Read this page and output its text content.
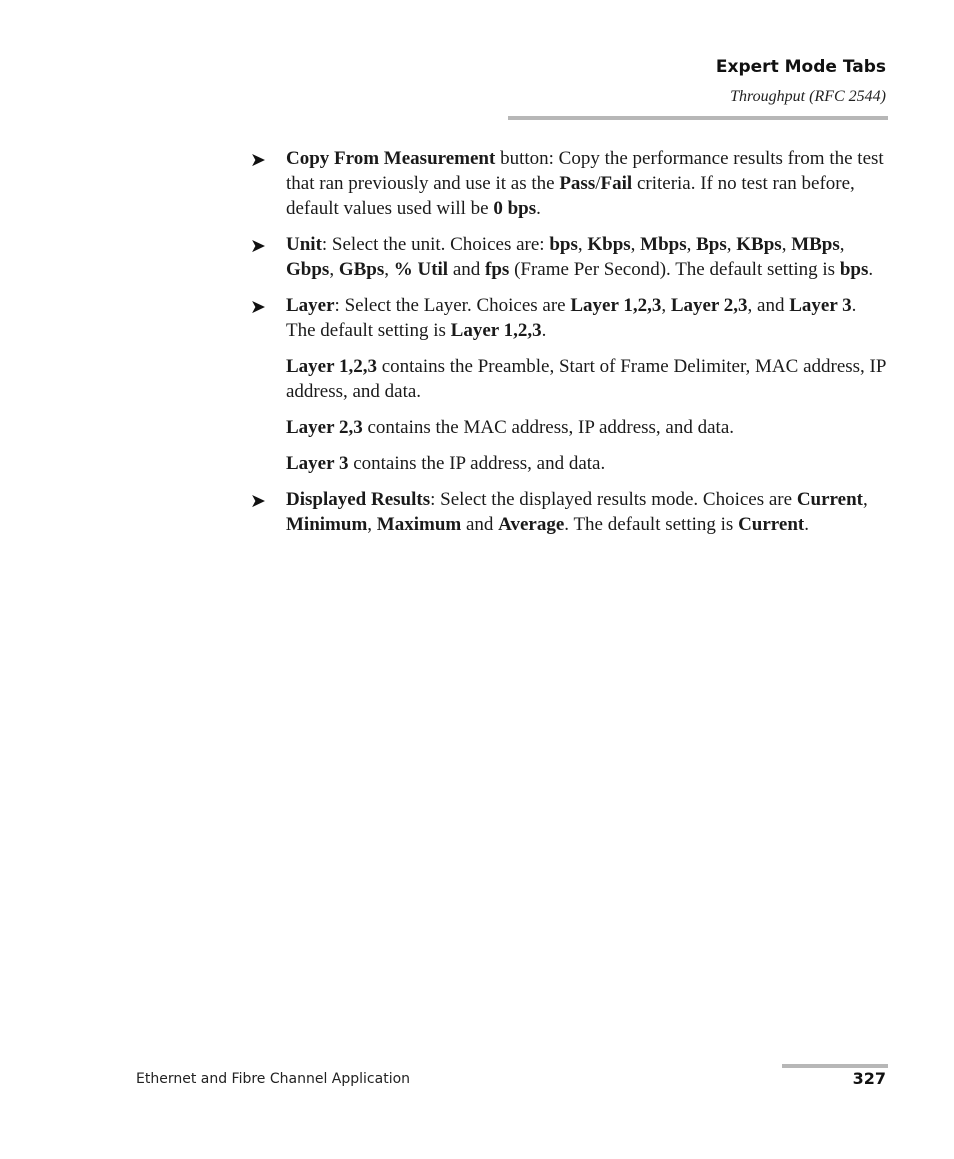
Expert Mode Tabs
Throughput (RFC 2544)
➤ Copy From Measurement button: Copy the performance results from the test that ran previously and use it as the Pass/Fail criteria. If no test ran before, default values used will be 0 bps.

➤ Unit: Select the unit. Choices are: bps, Kbps, Mbps, Bps, KBps, MBps, Gbps, GBps, % Util and fps (Frame Per Second). The default setting is bps.

➤ Layer: Select the Layer. Choices are Layer 1,2,3, Layer 2,3, and Layer 3. The default setting is Layer 1,2,3.

Layer 1,2,3 contains the Preamble, Start of Frame Delimiter, MAC address, IP address, and data.

Layer 2,3 contains the MAC address, IP address, and data.

Layer 3 contains the IP address, and data.

➤ Displayed Results: Select the displayed results mode. Choices are Current, Minimum, Maximum and Average. The default setting is Current.

Ethernet and Fibre Channel Application	327
